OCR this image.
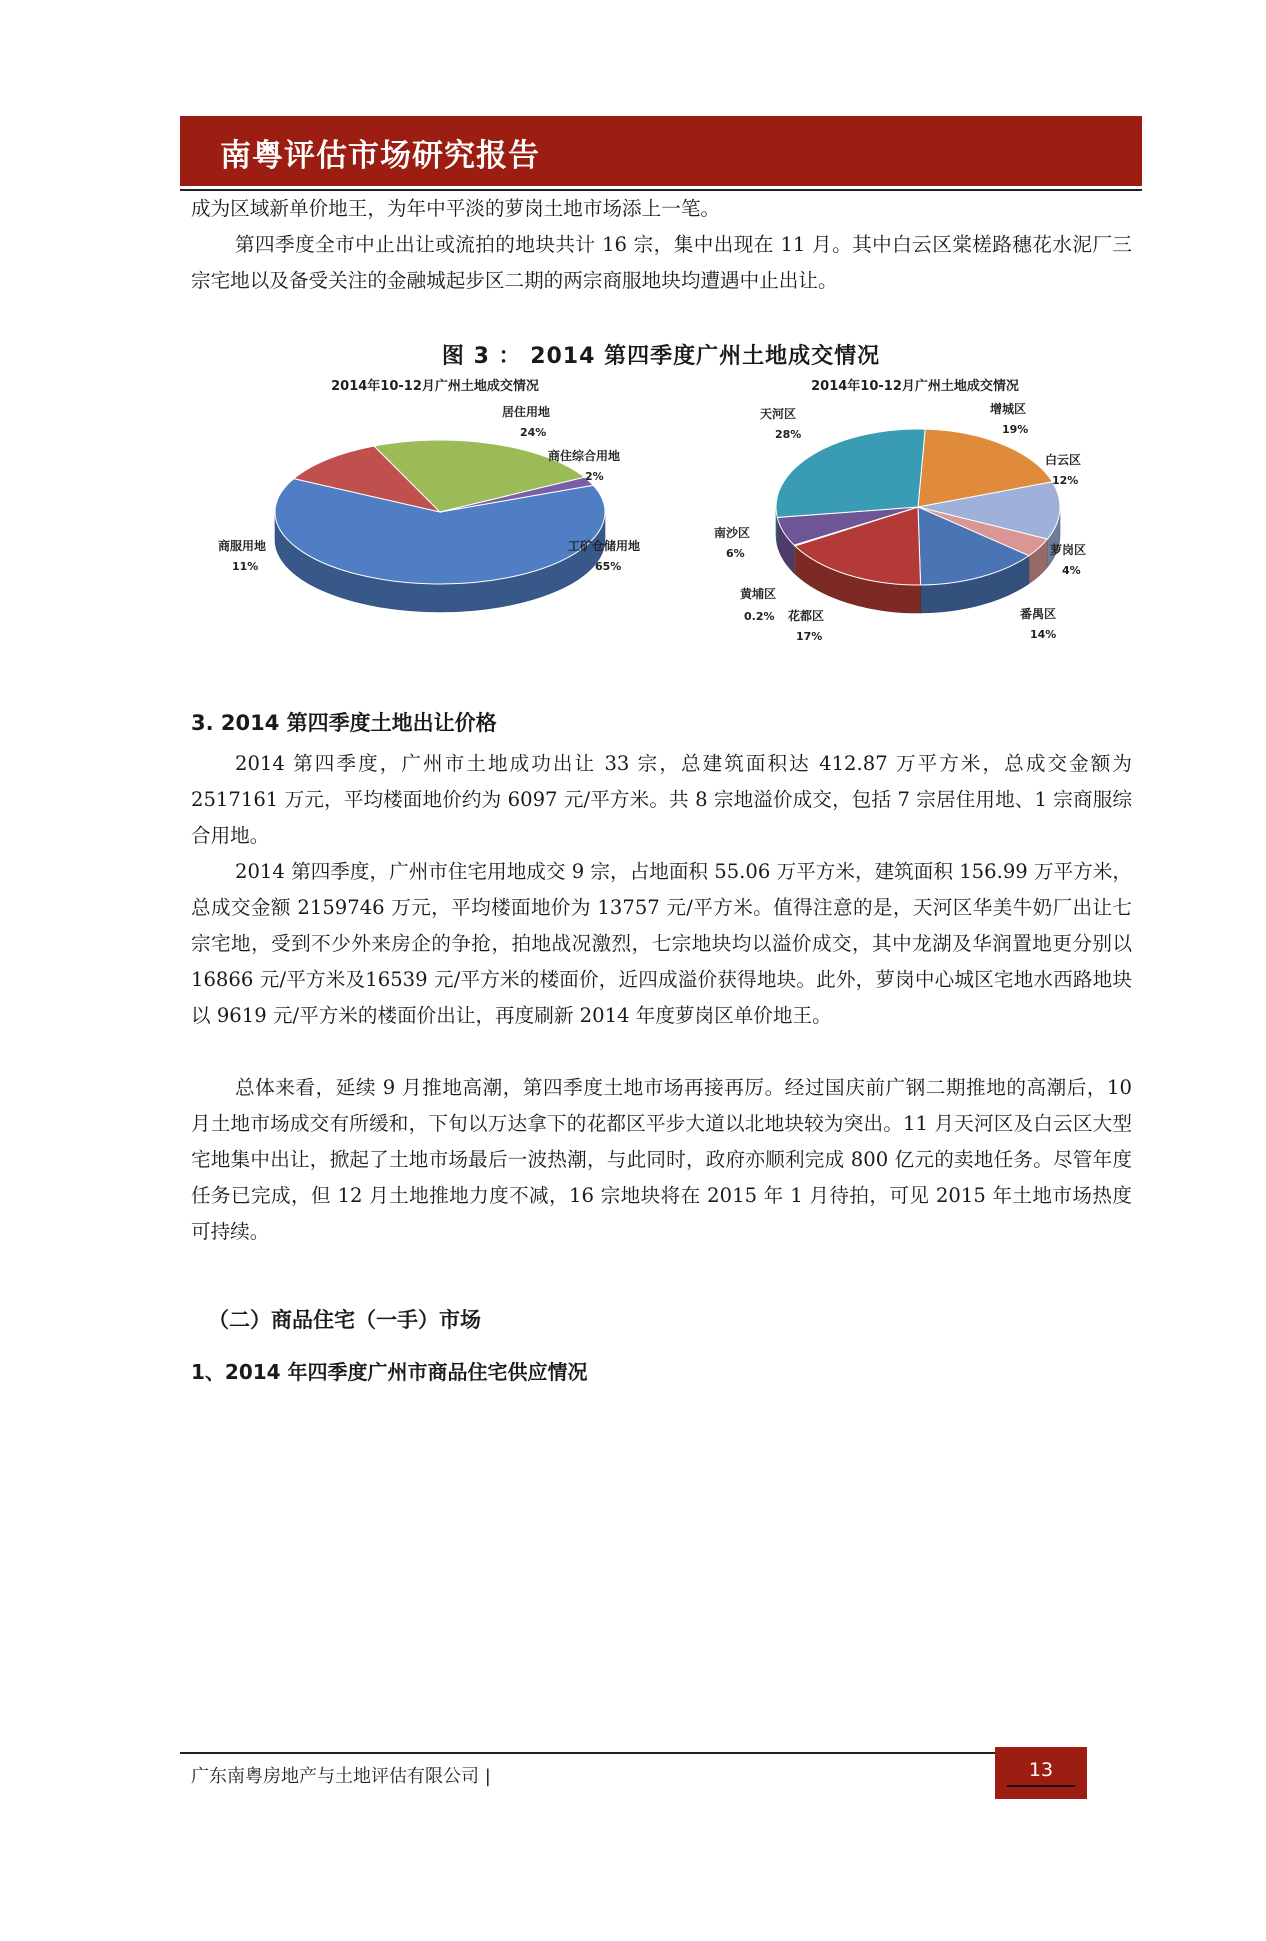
南粤评估市场研究报告

成为区域新单价地王，为年中平淡的萝岗土地市场添上一笔。

第四季度全市中止出让或流拍的地块共计 16 宗，集中出现在 11 月。其中白云区棠槎路穗花水泥厂三宗宅地以及备受关注的金融城起步区二期的两宗商服地块均遭遇中止出让。

图 3 ： 2014 第四季度广州土地成交情况
2014年10-12月广州土地成交情况
工矿仓储用地
65%
商服用地
11%
居住用地
24%
商住综合用地
2%
2014年10-12月广州土地成交情况
增城区
19%
白云区
12%
萝岗区
4%
番禺区
14%
花都区
17%
黄埔区
0.2%
南沙区
6%
天河区
28%
3. 2014 第四季度土地出让价格

2014 第四季度，广州市土地成功出让 33 宗，总建筑面积达 412.87 万平方米，总成交金额为 2517161 万元，平均楼面地价约为 6097 元/平方米。共 8 宗地溢价成交，包括 7 宗居住用地、1 宗商服综合用地。

2014 第四季度，广州市住宅用地成交 9 宗，占地面积 55.06 万平方米，建筑面积 156.99 万平方米，总成交金额 2159746 万元，平均楼面地价为 13757 元/平方米。值得注意的是，天河区华美牛奶厂出让七宗宅地，受到不少外来房企的争抢，拍地战况激烈，七宗地块均以溢价成交，其中龙湖及华润置地更分别以16866 元/平方米及16539 元/平方米的楼面价，近四成溢价获得地块。此外，萝岗中心城区宅地水西路地块以 9619 元/平方米的楼面价出让，再度刷新 2014 年度萝岗区单价地王。

总体来看，延续 9 月推地高潮，第四季度土地市场再接再厉。经过国庆前广钢二期推地的高潮后，10 月土地市场成交有所缓和，下旬以万达拿下的花都区平步大道以北地块较为突出。11 月天河区及白云区大型宅地集中出让，掀起了土地市场最后一波热潮，与此同时，政府亦顺利完成 800 亿元的卖地任务。尽管年度任务已完成，但 12 月土地推地力度不减，16 宗地块将在 2015 年 1 月待拍，可见 2015 年土地市场热度可持续。

（二）商品住宅（一手）市场
1、2014 年四季度广州市商品住宅供应情况
广东南粤房地产与土地评估有限公司 |	13
